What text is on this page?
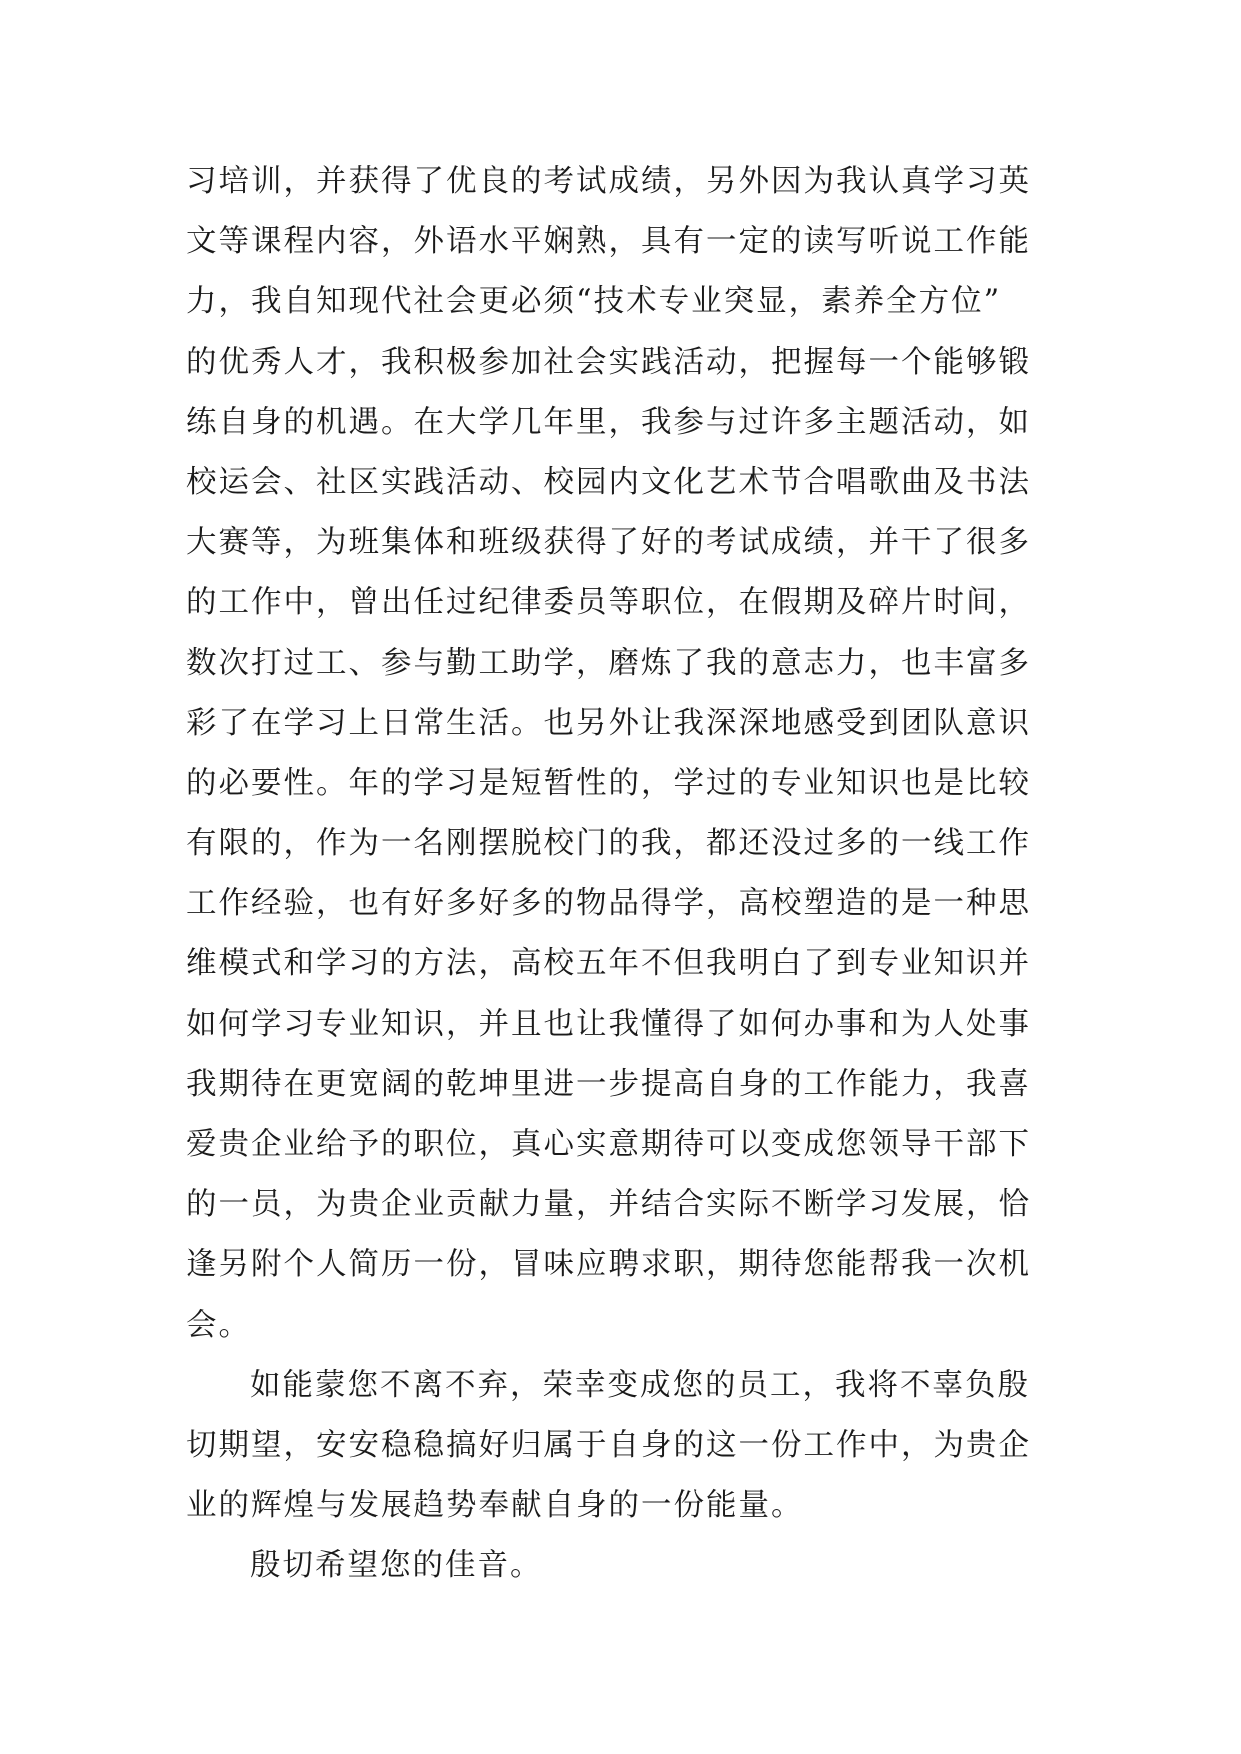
习培训，并获得了优良的考试成绩，另外因为我认真学习英
文等课程内容，外语水平娴熟，具有一定的读写听说工作能
力，我自知现代社会更必须“技术专业突显，素养全方位”
的优秀人才，我积极参加社会实践活动，把握每一个能够锻
练自身的机遇。在大学几年里，我参与过许多主题活动，如
校运会、社区实践活动、校园内文化艺术节合唱歌曲及书法
大赛等，为班集体和班级获得了好的考试成绩，并干了很多
的工作中，曾出任过纪律委员等职位，在假期及碎片时间，
数次打过工、参与勤工助学，磨炼了我的意志力，也丰富多
彩了在学习上日常生活。也另外让我深深地感受到团队意识
的必要性。年的学习是短暂性的，学过的专业知识也是比较
有限的，作为一名刚摆脱校门的我，都还没过多的一线工作
工作经验，也有好多好多的物品得学，高校塑造的是一种思
维模式和学习的方法，高校五年不但我明白了到专业知识并
如何学习专业知识，并且也让我懂得了如何办事和为人处事
我期待在更宽阔的乾坤里进一步提高自身的工作能力，我喜
爱贵企业给予的职位，真心实意期待可以变成您领导干部下
的一员，为贵企业贡献力量，并结合实际不断学习发展，恰
逢另附个人简历一份，冒味应聘求职，期待您能帮我一次机
会。
如能蒙您不离不弃，荣幸变成您的员工，我将不辜负殷
切期望，安安稳稳搞好归属于自身的这一份工作中，为贵企
业的辉煌与发展趋势奉献自身的一份能量。
殷切希望您的佳音。
